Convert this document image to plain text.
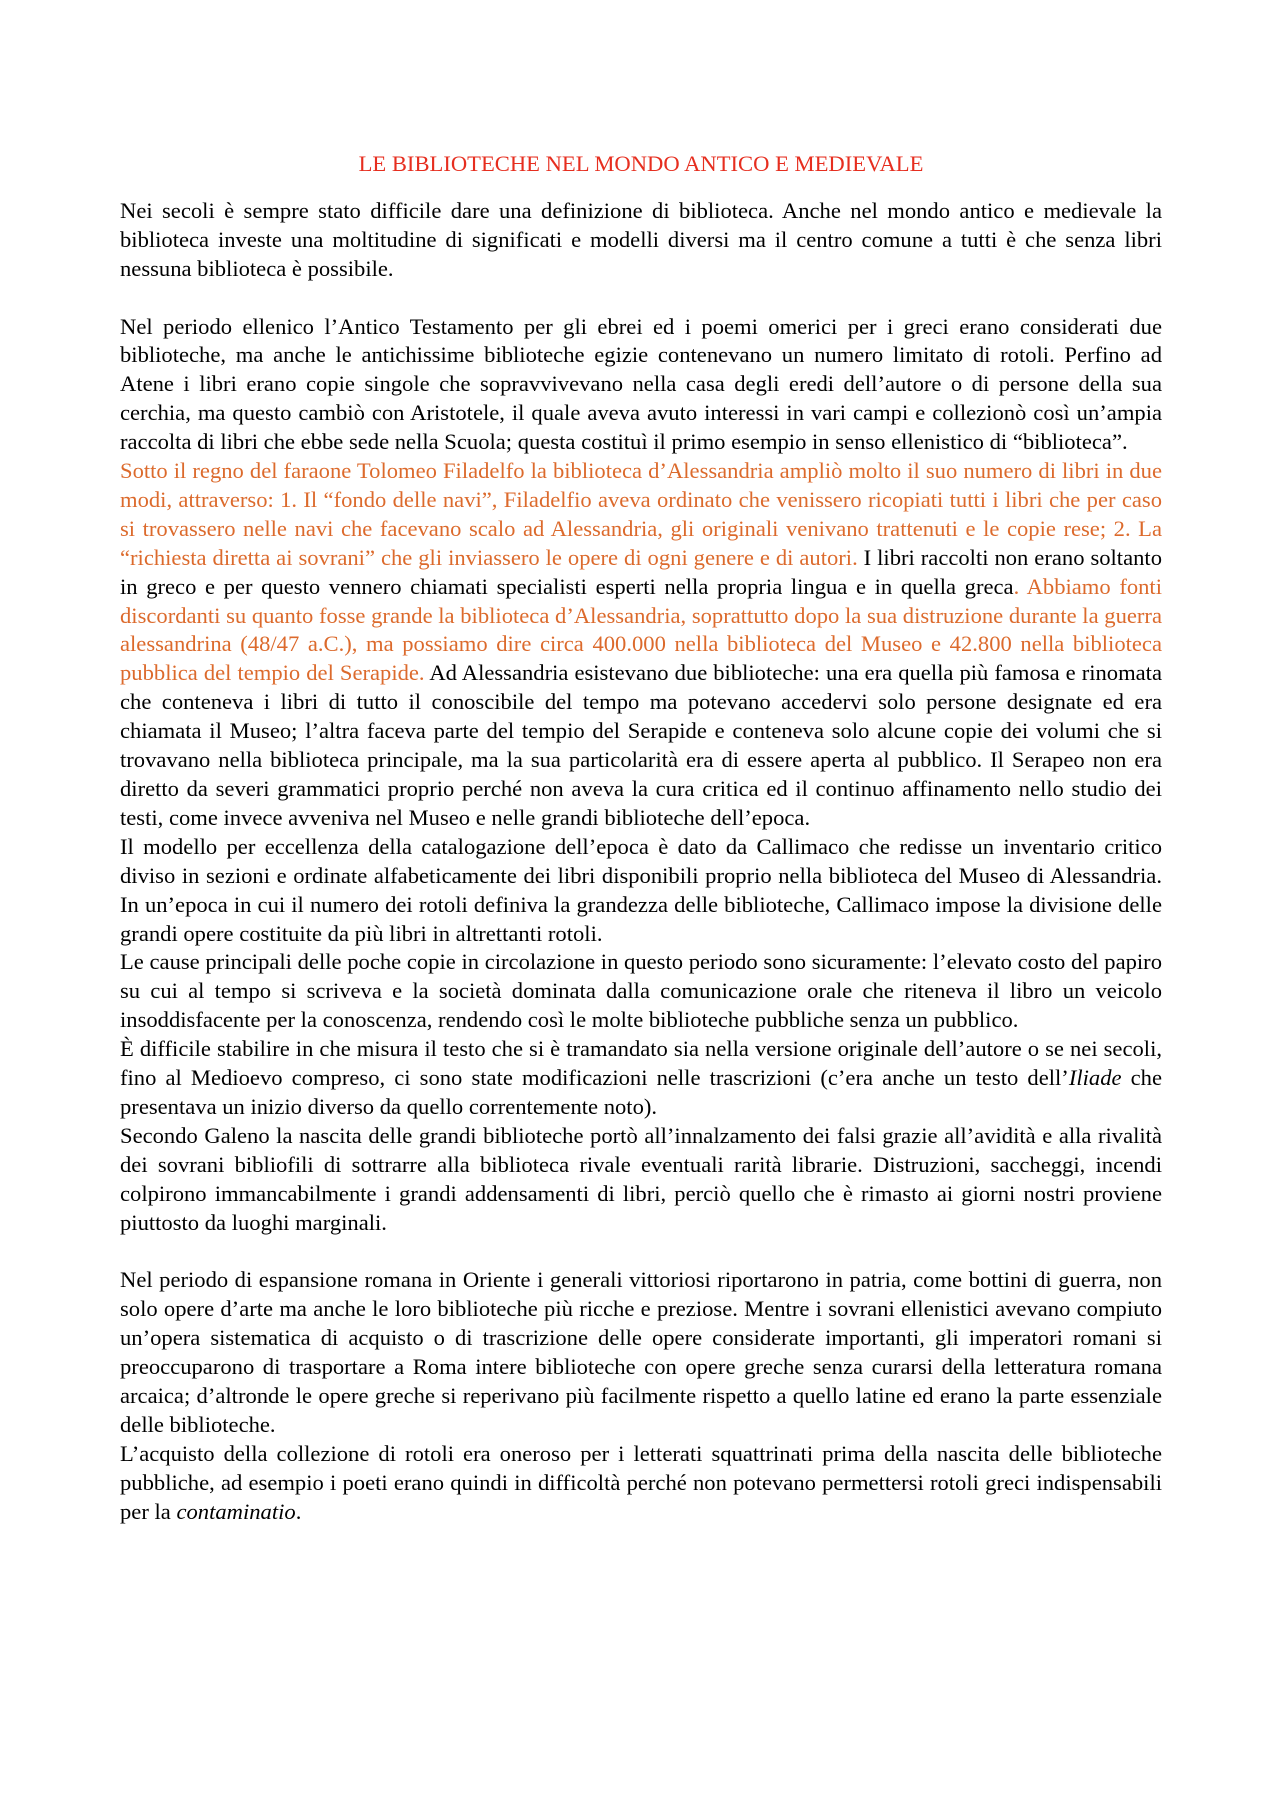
LE BIBLIOTECHE NEL MONDO ANTICO E MEDIEVALE

Nei secoli è sempre stato difficile dare una definizione di biblioteca. Anche nel mondo antico e medievale la biblioteca investe una moltitudine di significati e modelli diversi ma il centro comune a tutti è che senza libri nessuna biblioteca è possibile.

Nel periodo ellenico l’Antico Testamento per gli ebrei ed i poemi omerici per i greci erano considerati due biblioteche, ma anche le antichissime biblioteche egizie contenevano un numero limitato di rotoli. Perfino ad Atene i libri erano copie singole che sopravvivevano nella casa degli eredi dell’autore o di persone della sua cerchia, ma questo cambiò con Aristotele, il quale aveva avuto interessi in vari campi e collezionò così un’ampia raccolta di libri che ebbe sede nella Scuola; questa costituì il primo esempio in senso ellenistico di “biblioteca”.

Sotto il regno del faraone Tolomeo Filadelfo la biblioteca d’Alessandria ampliò molto il suo numero di libri in due modi, attraverso: 1. Il “fondo delle navi”, Filadelfio aveva ordinato che venissero ricopiati tutti i libri che per caso si trovassero nelle navi che facevano scalo ad Alessandria, gli originali venivano trattenuti e le copie rese; 2. La “richiesta diretta ai sovrani” che gli inviassero le opere di ogni genere e di autori. I libri raccolti non erano soltanto in greco e per questo vennero chiamati specialisti esperti nella propria lingua e in quella greca. Abbiamo fonti discordanti su quanto fosse grande la biblioteca d’Alessandria, soprattutto dopo la sua distruzione durante la guerra alessandrina (48/47 a.C.), ma possiamo dire circa 400.000 nella biblioteca del Museo e 42.800 nella biblioteca pubblica del tempio del Serapide. Ad Alessandria esistevano due biblioteche: una era quella più famosa e rinomata che conteneva i libri di tutto il conoscibile del tempo ma potevano accedervi solo persone designate ed era chiamata il Museo; l’altra faceva parte del tempio del Serapide e conteneva solo alcune copie dei volumi che si trovavano nella biblioteca principale, ma la sua particolarità era di essere aperta al pubblico. Il Serapeo non era diretto da severi grammatici proprio perché non aveva la cura critica ed il continuo affinamento nello studio dei testi, come invece avveniva nel Museo e nelle grandi biblioteche dell’epoca.

Il modello per eccellenza della catalogazione dell’epoca è dato da Callimaco che redisse un inventario critico diviso in sezioni e ordinate alfabeticamente dei libri disponibili proprio nella biblioteca del Museo di Alessandria. In un’epoca in cui il numero dei rotoli definiva la grandezza delle biblioteche, Callimaco impose la divisione delle grandi opere costituite da più libri in altrettanti rotoli.

Le cause principali delle poche copie in circolazione in questo periodo sono sicuramente: l’elevato costo del papiro su cui al tempo si scriveva e la società dominata dalla comunicazione orale che riteneva il libro un veicolo insoddisfacente per la conoscenza, rendendo così le molte biblioteche pubbliche senza un pubblico.

È difficile stabilire in che misura il testo che si è tramandato sia nella versione originale dell’autore o se nei secoli, fino al Medioevo compreso, ci sono state modificazioni nelle trascrizioni (c’era anche un testo dell’Iliade che presentava un inizio diverso da quello correntemente noto).

Secondo Galeno la nascita delle grandi biblioteche portò all’innalzamento dei falsi grazie all’avidità e alla rivalità dei sovrani bibliofili di sottrarre alla biblioteca rivale eventuali rarità librarie. Distruzioni, saccheggi, incendi colpirono immancabilmente i grandi addensamenti di libri, perciò quello che è rimasto ai giorni nostri proviene piuttosto da luoghi marginali.

Nel periodo di espansione romana in Oriente i generali vittoriosi riportarono in patria, come bottini di guerra, non solo opere d’arte ma anche le loro biblioteche più ricche e preziose. Mentre i sovrani ellenistici avevano compiuto un’opera sistematica di acquisto o di trascrizione delle opere considerate importanti, gli imperatori romani si preoccuparono di trasportare a Roma intere biblioteche con opere greche senza curarsi della letteratura romana arcaica; d’altronde le opere greche si reperivano più facilmente rispetto a quello latine ed erano la parte essenziale delle biblioteche.

L’acquisto della collezione di rotoli era oneroso per i letterati squattrinati prima della nascita delle biblioteche pubbliche, ad esempio i poeti erano quindi in difficoltà perché non potevano permettersi rotoli greci indispensabili per la contaminatio.
